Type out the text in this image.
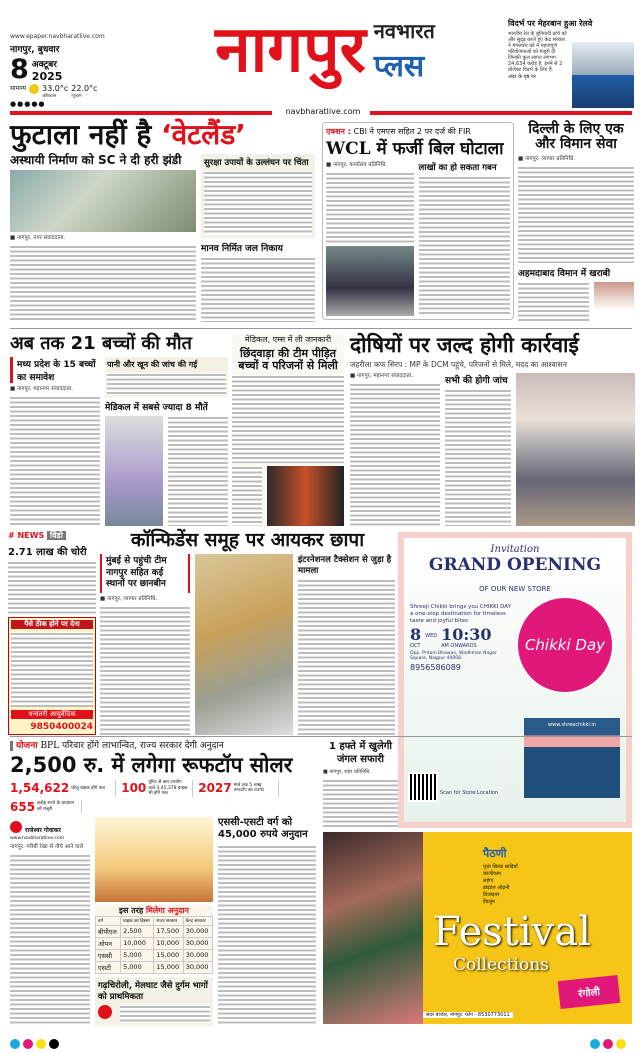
www.epaper.navbharatlive.com
नागपुर, बुधवार
8 अक्टूबर
2025
सामान्य 33.0°c
अधिकतम
22.0°c
न्यूनतम
●●●●●
नागपुर नवभारत
प्लस
navbharatlive.com
विदर्भ पर मेहरबान हुआ रेलवे
भारतीय रेल के बुनियादी ढांचे को और सुदृढ़ करते हुए केंद्र सरकार ने मंगलवार को 4 महत्वपूर्ण परियोजनाओं को मंजूरी दी जिनकी कुल लागत लगभग 24,634 करोड़ है. इनमें से 2 प्रोजेक्ट विदर्भ के लिए हैं.
अंदर के पृष्ठ पर
फुटाला नहीं है ‘वेटलैंड’
अस्थायी निर्माण को SC ने दी हरी झंडी
■ नागपुर, नगर संवाददाता.
सुरक्षा उपायों के उल्लंघन पर चिंता
मानव निर्मित जल निकाय
एक्शन : CBI ने एमएस सहित 2 पर दर्ज की FIR
WCL में फर्जी बिल घोटाला
■ नागपुर, कार्यालय प्रतिनिधि.	लाखों का हो सकता गबन
दिल्ली के लिए एक और विमान सेवा
■ नागपुर, व्यापार प्रतिनिधि.
अहमदाबाद विमान में खराबी
अब तक 21 बच्चों की मौत
मध्य प्रदेश के 15 बच्चों का समावेश
■ नागपुर, महानगर संवाददाता.
पानी और खून की जांच की गई
मेडिकल में सबसे ज्यादा 8 मौतें
मेडिकल, एम्स में ली जानकारी
छिंदवाड़ा की टीम पीड़ित बच्चों व परिजनों से मिली
दोषियों पर जल्द होगी कार्रवाई
जहरीला कफ सिरप : MP के DCM पहुंचे, परिजनों से मिले, मदद का आश्वासन
■ नागपुर, महानगर संवाददाता.	सभी की होगी जांच
# NEWS विंडो
2.71 लाख की चोरी
पैसे ठीक होने पर देना
धन्वंतरी आयुर्वेदिक
9850400024
कॉन्फिडेंस समूह पर आयकर छापा
मुंबई से पहुंची टीम नागपुर सहित कई स्थानों पर छानबीन
■ नागपुर, व्यापार प्रतिनिधि.
इंटरनेशनल टैक्सेशन से जुड़ा है मामला
Invitation
GRAND OPENING
OF OUR NEW STORE
Shreeji Chikki brings you CHIKKI DAY a one-stop destination for timeless taste and joyful bites
8
OCT
WED 10:30
AM ONWARDS
Opp. Pritam Bhawan, Wadhman Nagar Square, Nagpur 44008.
8956586089
Chikki Day
www.shreechikki.in
Scan for Store Location
योजना BPL परिवार होंगे लाभान्वित, राज्य सरकार देगी अनुदान
2,500 रु. में लगेगा रूफटॉप सोलर
1,54,622 घरेलू ग्राहक होंगे पात्र	100 यूनिट से कम उपयोग वाले 3,45,378 ग्राहक भी होंगे पात्र	2027 मार्च तक 5 लाख रूफटॉप का टारगेट
655 करोड़ रुपये के प्रावधान को मंजूरी
राजेश्वर गोवाकर
www.navbharatlive.com
नागपुर. गरीबी रेखा से नीचे आने वाले
इस तरह मिलेगा अनुदान
वर्ग	ग्राहक का हिस्सा	राज्य सरकार	केन्द्र सरकार
बीपीएल	2,500	17,500	30,000
ओपन	10,000	10,000	30,000
एससी	5,000	15,000	30,000
एसटी	5,000	15,000	30,000
गढ़चिरोली, मेलघाट जैसे दुर्गम भागों को प्राथमिकता
एससी-एसटी वर्ग को 45,000 रुपये अनुदान
1 हफ्ते में खुलेगी जंगल सफारी
■ नागपुर, शहर प्रतिनिधि.
पैठणी
पूजा सिल्क साड़ियाँ
कांजीवरम
लहंगा
ब्राइडल ओढ़नी
डिजाइनर
हैंडलूम
Festival
Collections
रंगोली
सदर बाजार, नागपुर. फोन - 8530773011
